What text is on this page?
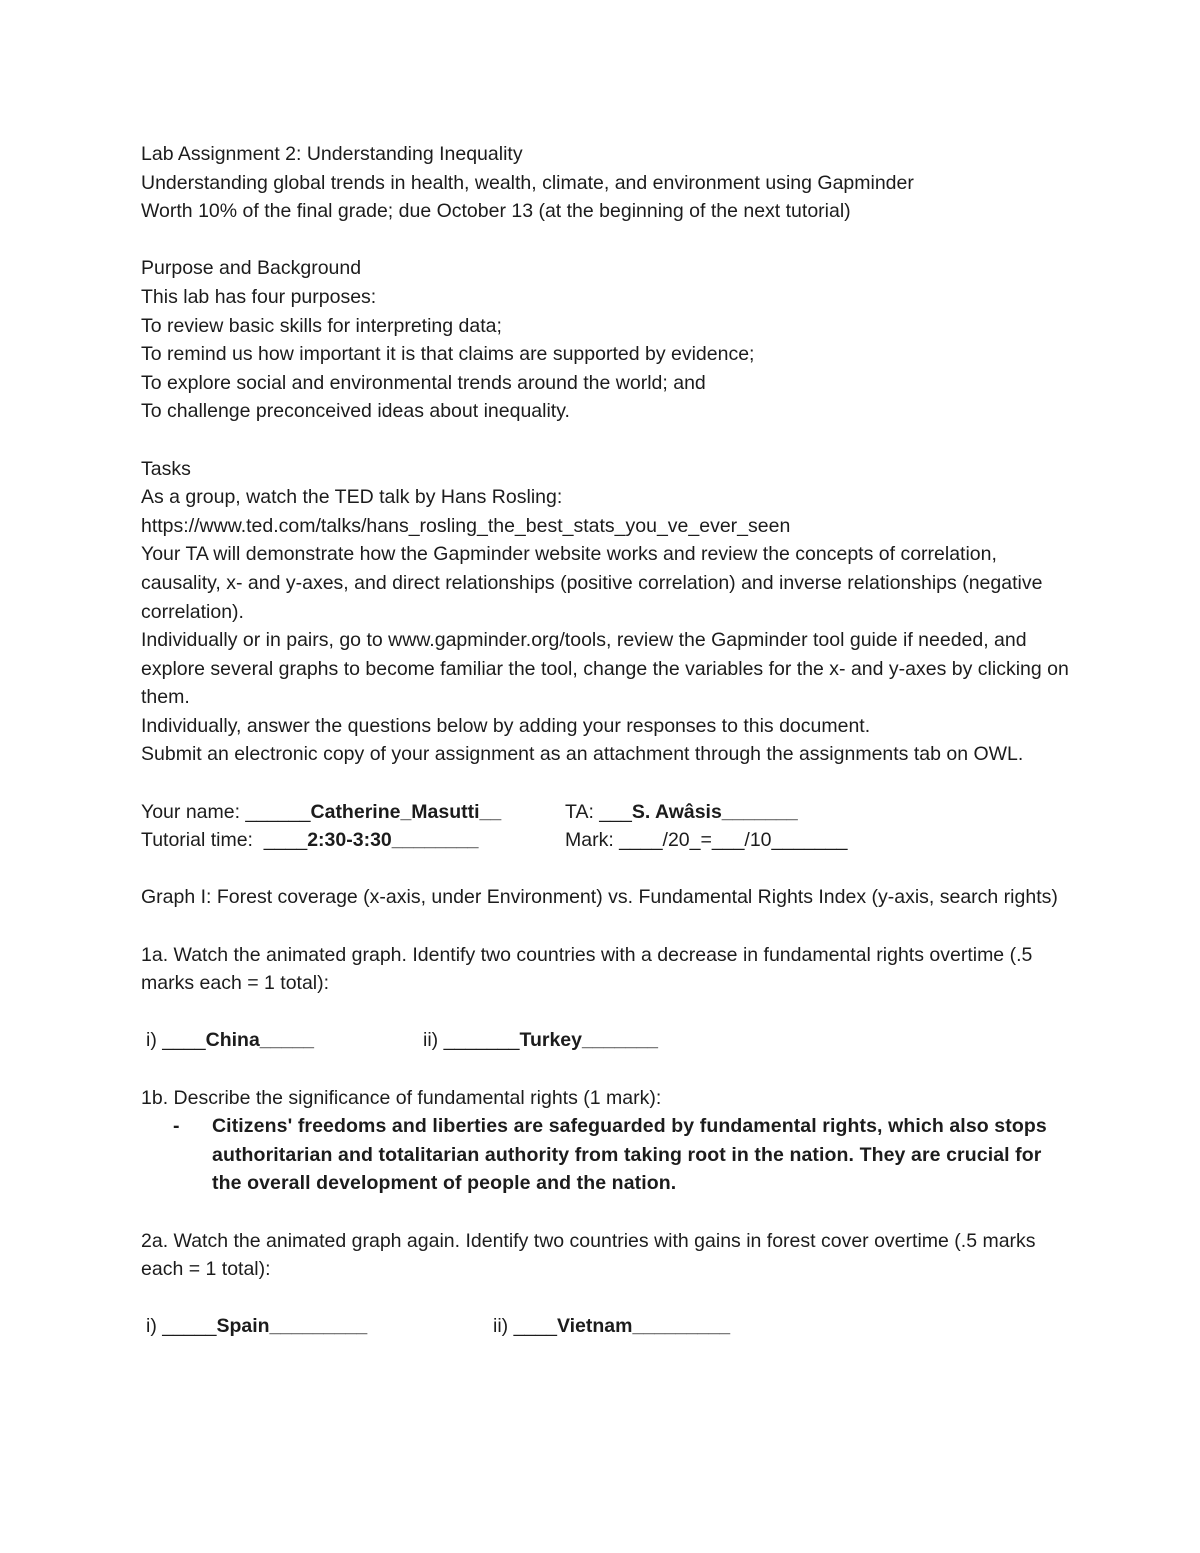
Lab Assignment 2: Understanding Inequality
Understanding global trends in health, wealth, climate, and environment using Gapminder
Worth 10% of the final grade; due October 13 (at the beginning of the next tutorial)
Purpose and Background
This lab has four purposes:
To review basic skills for interpreting data;
To remind us how important it is that claims are supported by evidence;
To explore social and environmental trends around the world; and
To challenge preconceived ideas about inequality.
Tasks
As a group, watch the TED talk by Hans Rosling:
https://www.ted.com/talks/hans_rosling_the_best_stats_you_ve_ever_seen
Your TA will demonstrate how the Gapminder website works and review the concepts of correlation, causality, x- and y-axes, and direct relationships (positive correlation) and inverse relationships (negative correlation).
Individually or in pairs, go to www.gapminder.org/tools, review the Gapminder tool guide if needed, and explore several graphs to become familiar the tool, change the variables for the x- and y-axes by clicking on them.
Individually, answer the questions below by adding your responses to this document.
Submit an electronic copy of your assignment as an attachment through the assignments tab on OWL.
Your name: ______Catherine_Masutti__	TA: ___S. Awâsis_______
Tutorial time:  ____2:30-3:30________	Mark: ____/20_=___/10_______
Graph I: Forest coverage (x-axis, under Environment) vs. Fundamental Rights Index (y-axis, search rights)
1a. Watch the animated graph. Identify two countries with a decrease in fundamental rights overtime (.5 marks each = 1 total):
i) ____China_____	ii) _______Turkey_______
1b. Describe the significance of fundamental rights (1 mark):
-	Citizens' freedoms and liberties are safeguarded by fundamental rights, which also stops authoritarian and totalitarian authority from taking root in the nation. They are crucial for the overall development of people and the nation.
2a. Watch the animated graph again. Identify two countries with gains in forest cover overtime (.5 marks each = 1 total):
i) _____Spain_________	ii) ____Vietnam_________
